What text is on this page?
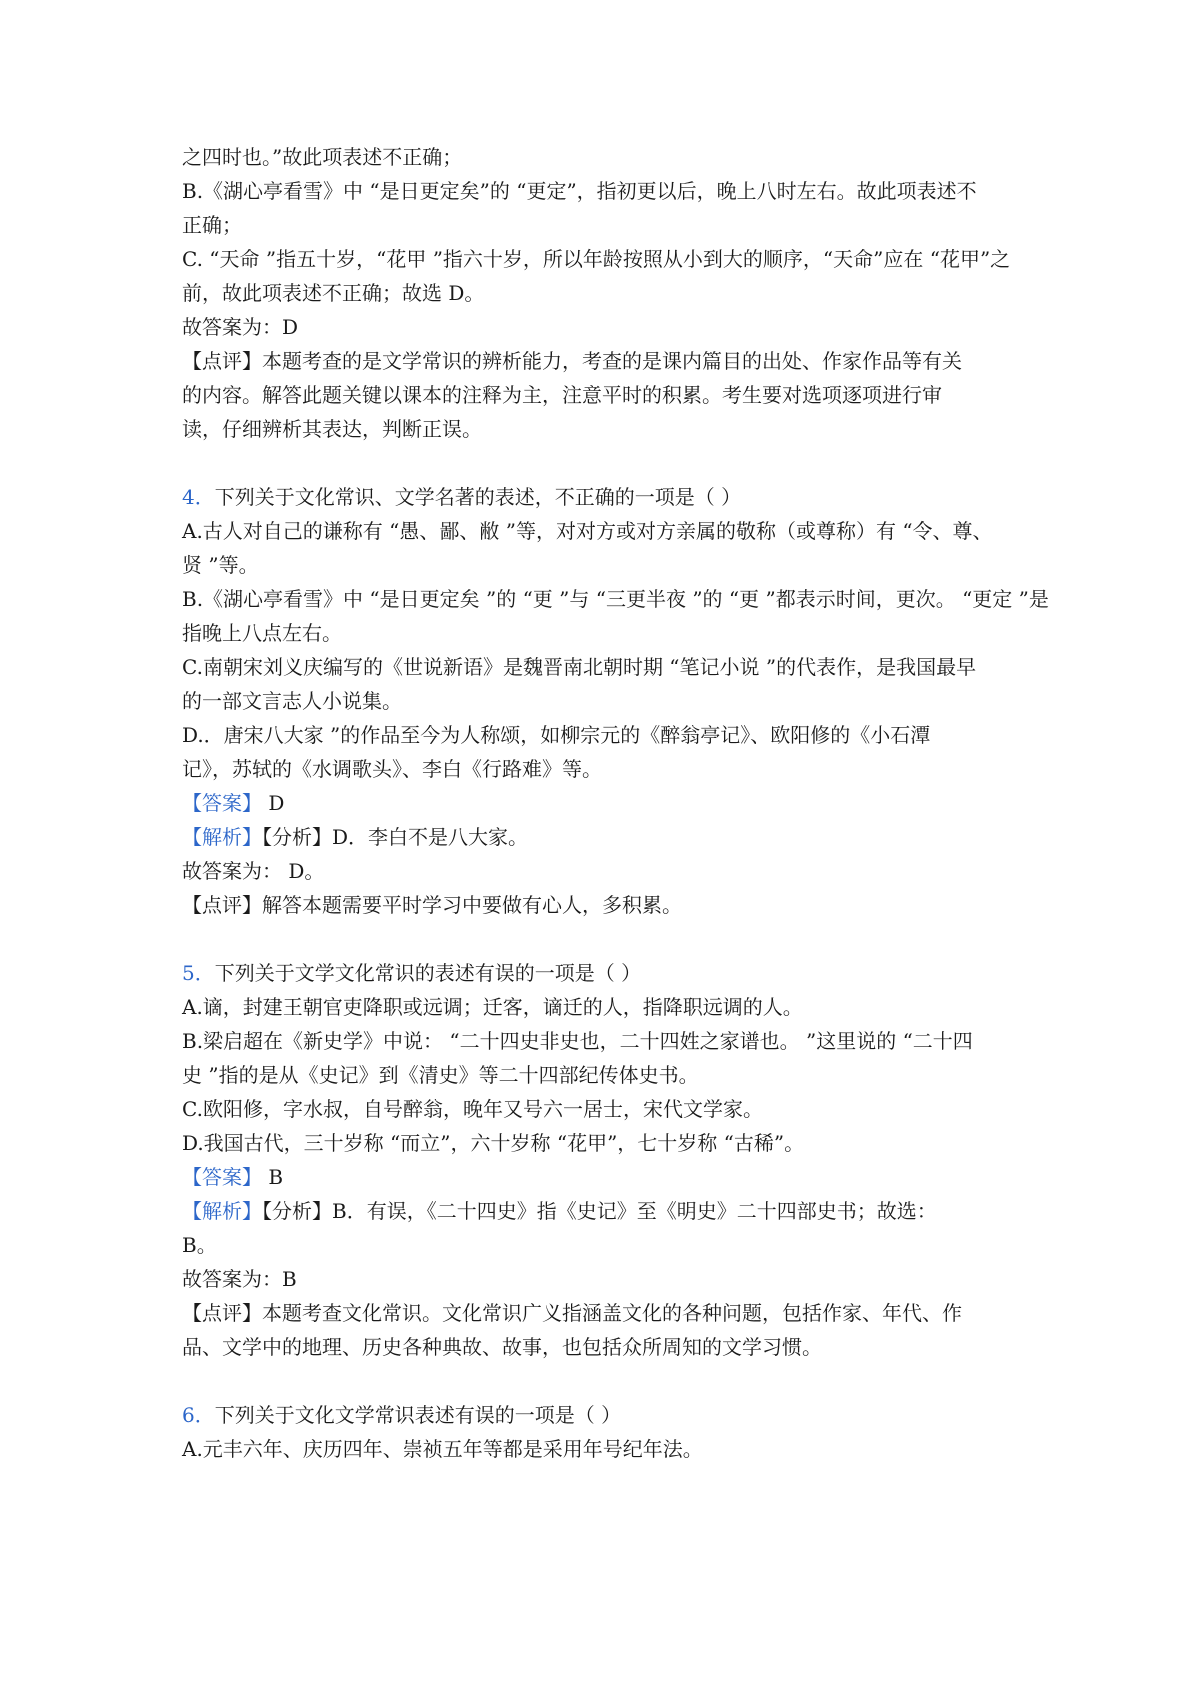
之四时也。”故此项表述不正确；
B.《湖心亭看雪》中 “是日更定矣”的 “更定”，指初更以后，晚上八时左右。故此项表述不
正确；
C. “天命 ”指五十岁，“花甲 ”指六十岁，所以年龄按照从小到大的顺序，“天命”应在 “花甲”之
前，故此项表述不正确；故选 D。
故答案为：D
【点评】本题考查的是文学常识的辨析能力，考查的是课内篇目的出处、作家作品等有关
的内容。解答此题关键以课本的注释为主，注意平时的积累。考生要对选项逐项进行审
读，仔细辨析其表达，判断正误。
4．下列关于文化常识、文学名著的表述，不正确的一项是（ ）
A.古人对自己的谦称有 “愚、鄙、敝 ”等，对对方或对方亲属的敬称（或尊称）有 “令、尊、
贤 ”等。
B.《湖心亭看雪》中 “是日更定矣 ”的 “更 ”与 “三更半夜 ”的 “更 ”都表示时间，更次。 “更定 ”是
指晚上八点左右。
C.南朝宋刘义庆编写的《世说新语》是魏晋南北朝时期 “笔记小说 ”的代表作，是我国最早
的一部文言志人小说集。
D.．唐宋八大家 ”的作品至今为人称颂，如柳宗元的《醉翁亭记》、欧阳修的《小石潭
记》，苏轼的《水调歌头》、李白《行路难》等。
【答案】 D
【解析】【分析】D．李白不是八大家。
故答案为： D。
【点评】解答本题需要平时学习中要做有心人，多积累。
5．下列关于文学文化常识的表述有误的一项是（ ）
A.谪，封建王朝官吏降职或远调；迁客，谪迁的人，指降职远调的人。
B.梁启超在《新史学》中说： “二十四史非史也，二十四姓之家谱也。 ”这里说的 “二十四
史 ”指的是从《史记》到《清史》等二十四部纪传体史书。
C.欧阳修，字水叔，自号醉翁，晚年又号六一居士，宋代文学家。
D.我国古代，三十岁称 “而立”，六十岁称 “花甲”，七十岁称 “古稀”。
【答案】 B
【解析】【分析】B．有误，《二十四史》指《史记》至《明史》二十四部史书；故选：
B。
故答案为：B
【点评】本题考查文化常识。文化常识广义指涵盖文化的各种问题，包括作家、年代、作
品、文学中的地理、历史各种典故、故事，也包括众所周知的文学习惯。
6．下列关于文化文学常识表述有误的一项是（ ）
A.元丰六年、庆历四年、崇祯五年等都是采用年号纪年法。
